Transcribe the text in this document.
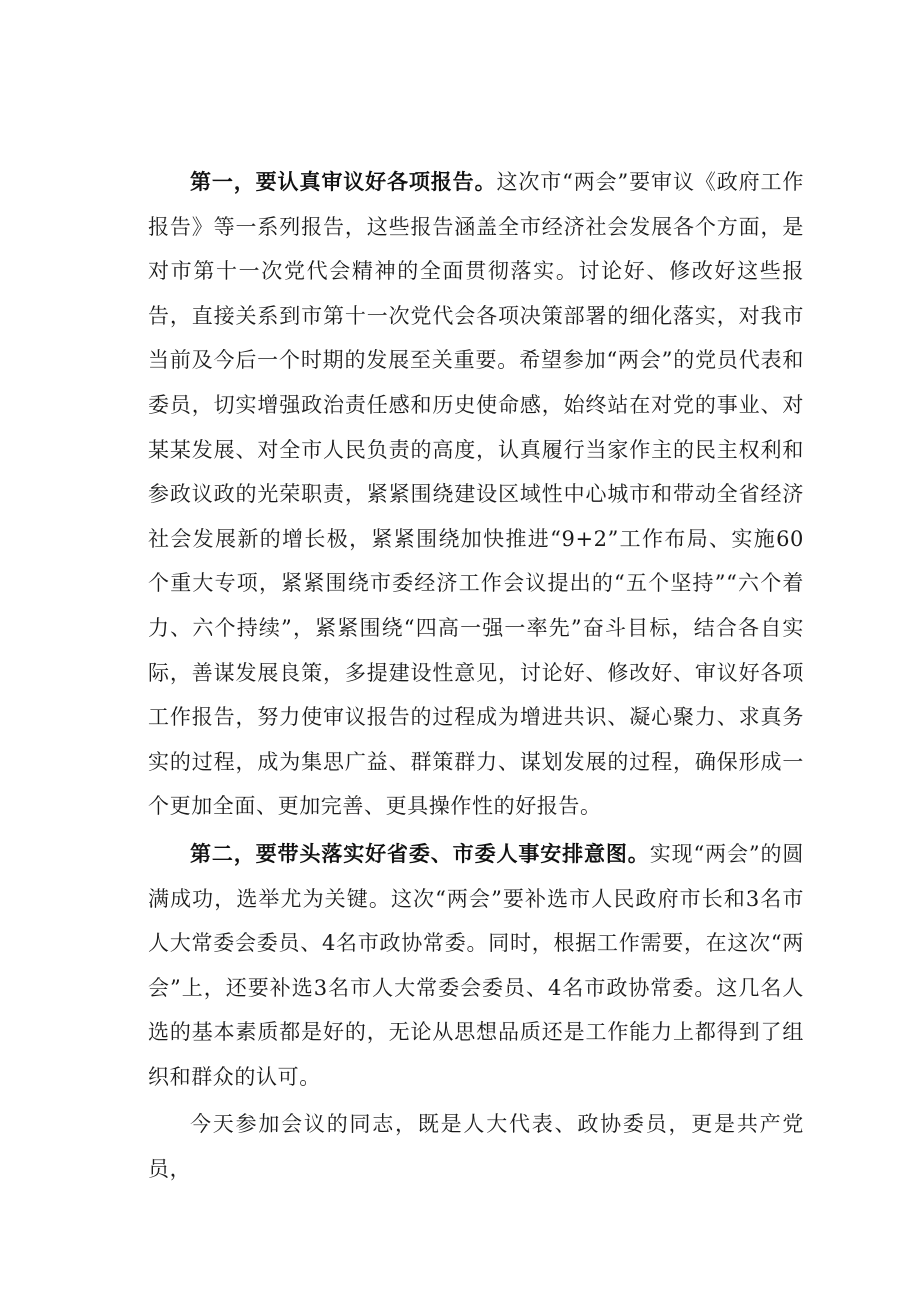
第一，要认真审议好各项报告。这次市“两会”要审议《政府工作报告》等一系列报告，这些报告涵盖全市经济社会发展各个方面，是对市第十一次党代会精神的全面贯彻落实。讨论好、修改好这些报告，直接关系到市第十一次党代会各项决策部署的细化落实，对我市当前及今后一个时期的发展至关重要。希望参加“两会”的党员代表和委员，切实增强政治责任感和历史使命感，始终站在对党的事业、对某某发展、对全市人民负责的高度，认真履行当家作主的民主权利和参政议政的光荣职责，紧紧围绕建设区域性中心城市和带动全省经济社会发展新的增长极，紧紧围绕加快推进“9+2”工作布局、实施60个重大专项，紧紧围绕市委经济工作会议提出的“五个坚持”“六个着力、六个持续”，紧紧围绕“四高一强一率先”奋斗目标，结合各自实际，善谋发展良策，多提建设性意见，讨论好、修改好、审议好各项工作报告，努力使审议报告的过程成为增进共识、凝心聚力、求真务实的过程，成为集思广益、群策群力、谋划发展的过程，确保形成一个更加全面、更加完善、更具操作性的好报告。

第二，要带头落实好省委、市委人事安排意图。实现“两会”的圆满成功，选举尤为关键。这次“两会”要补选市人民政府市长和3名市人大常委会委员、4名市政协常委。同时，根据工作需要，在这次“两会”上，还要补选3名市人大常委会委员、4名市政协常委。这几名人选的基本素质都是好的，无论从思想品质还是工作能力上都得到了组织和群众的认可。

今天参加会议的同志，既是人大代表、政协委员，更是共产党员，
